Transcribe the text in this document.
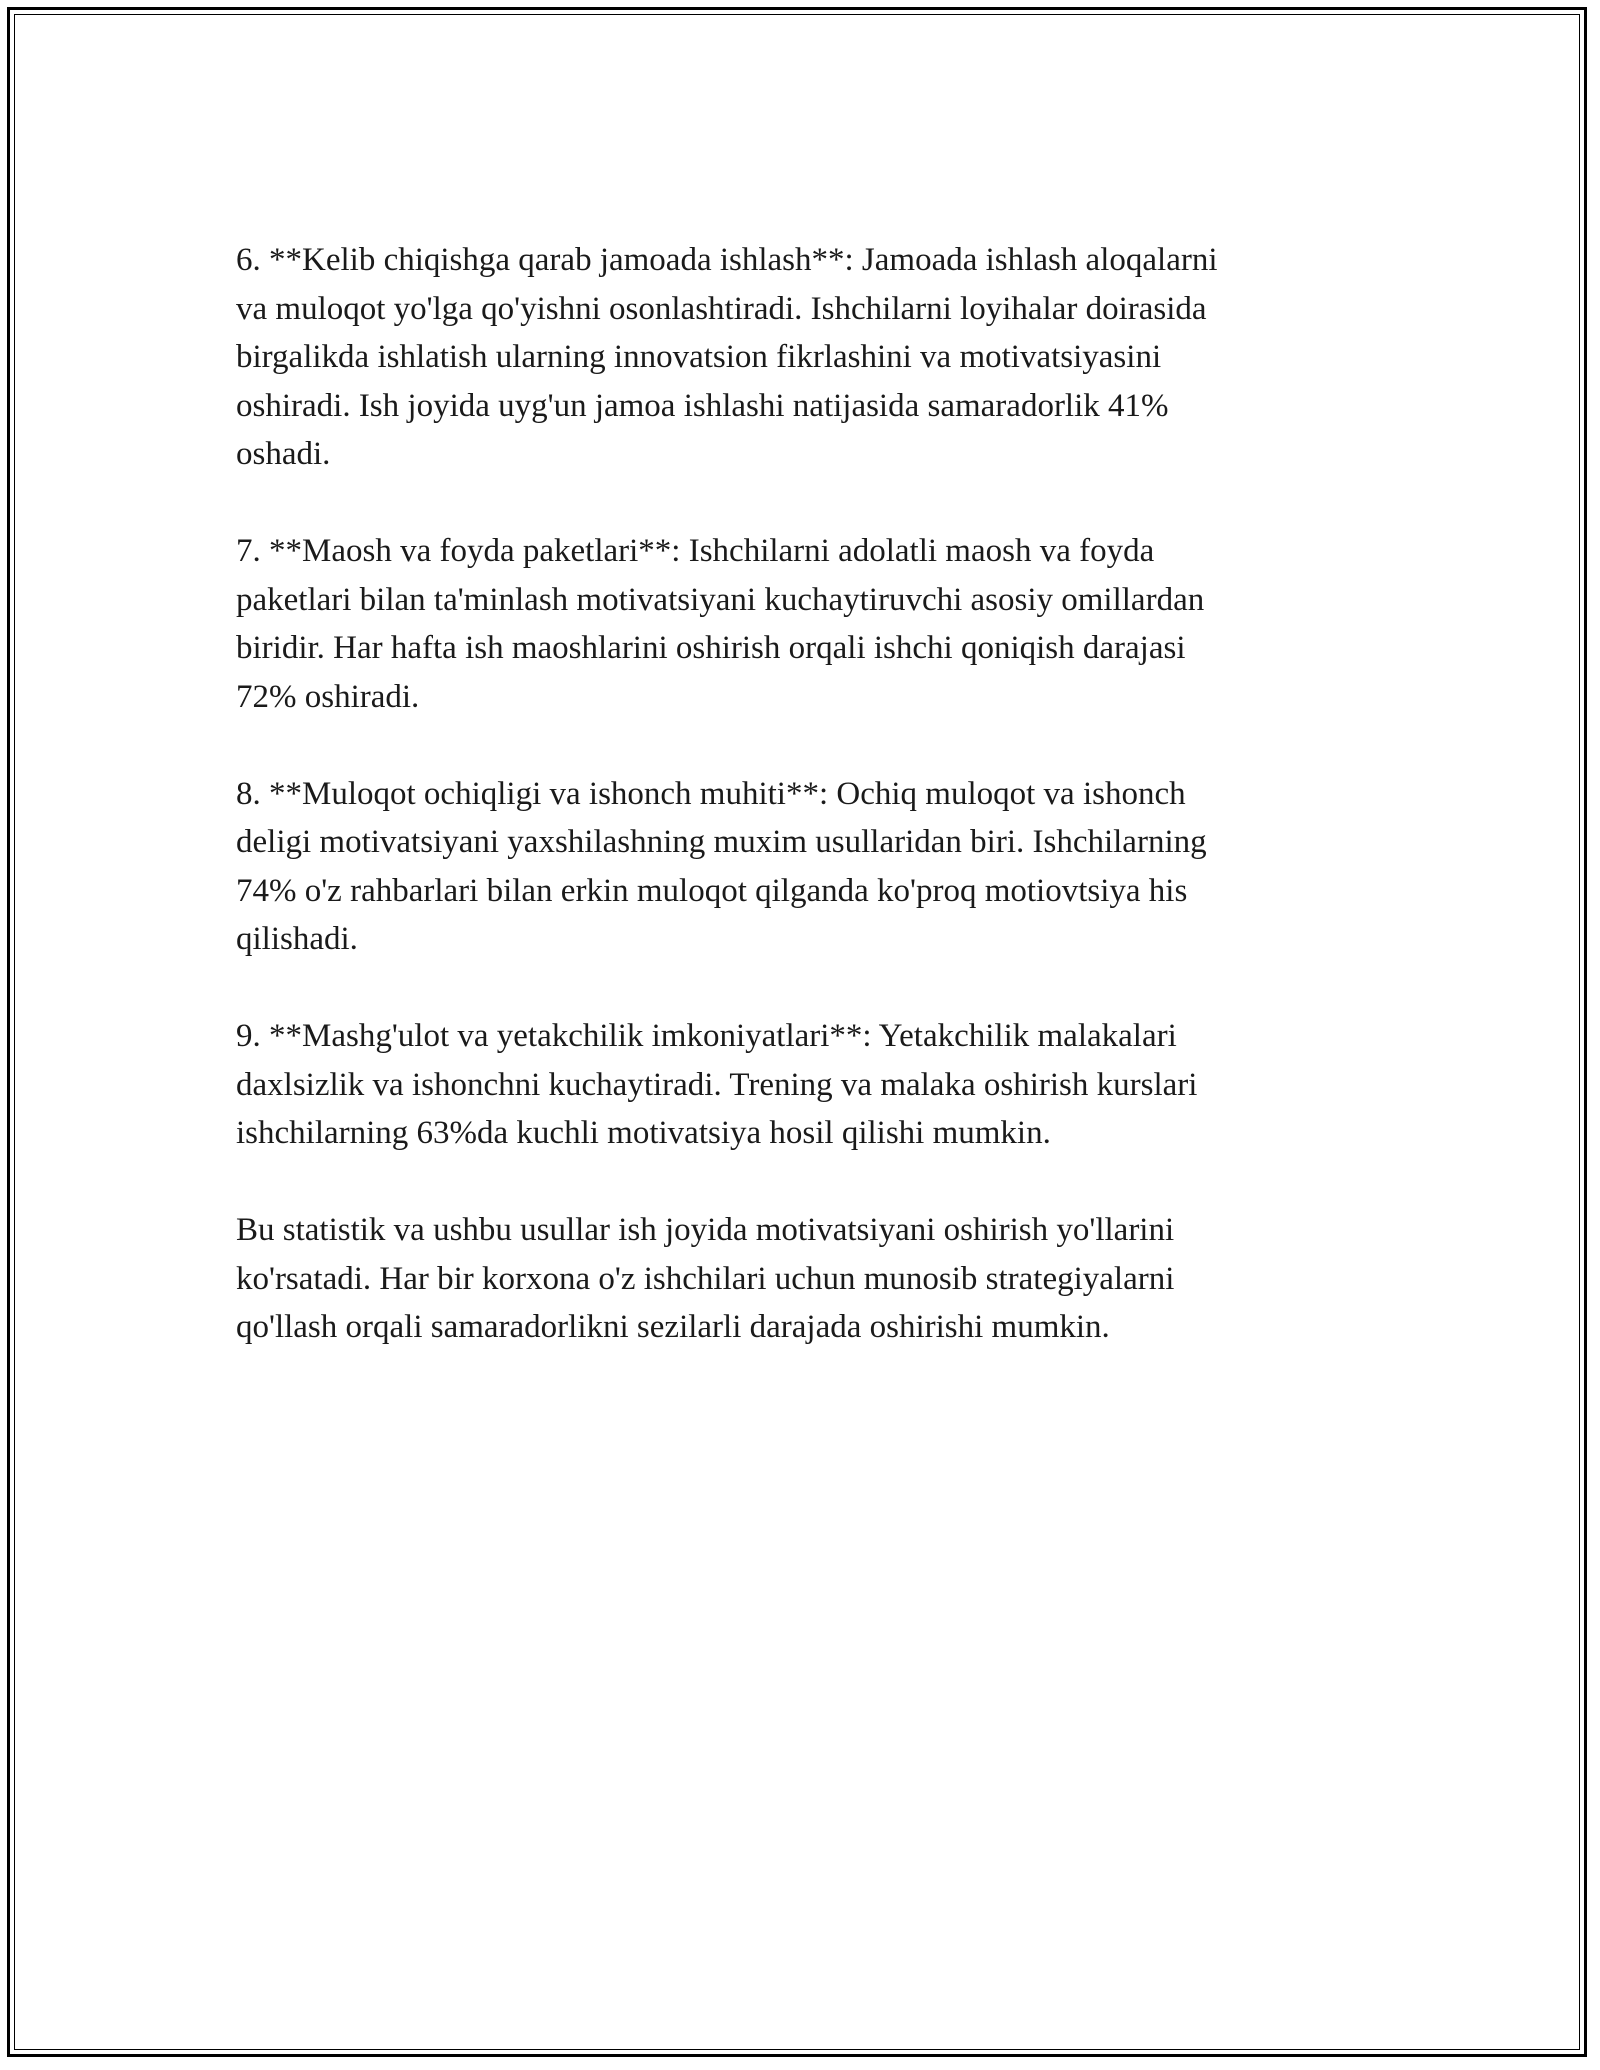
6. **Kelib chiqishga qarab jamoada ishlash**: Jamoada ishlash aloqalarni
va muloqot yo'lga qo'yishni osonlashtiradi. Ishchilarni loyihalar doirasida
birgalikda ishlatish ularning innovatsion fikrlashini va motivatsiyasini
oshiradi. Ish joyida uyg'un jamoa ishlashi natijasida samaradorlik 41%
oshadi.

7. **Maosh va foyda paketlari**: Ishchilarni adolatli maosh va foyda
paketlari bilan ta'minlash motivatsiyani kuchaytiruvchi asosiy omillardan
biridir. Har hafta ish maoshlarini oshirish orqali ishchi qoniqish darajasi
72% oshiradi.

8. **Muloqot ochiqligi va ishonch muhiti**: Ochiq muloqot va ishonch
deligi motivatsiyani yaxshilashning muxim usullaridan biri. Ishchilarning
74% o'z rahbarlari bilan erkin muloqot qilganda ko'proq motiovtsiya his
qilishadi.

9. **Mashg'ulot va yetakchilik imkoniyatlari**: Yetakchilik malakalari
daxlsizlik va ishonchni kuchaytiradi. Trening va malaka oshirish kurslari
ishchilarning 63%da kuchli motivatsiya hosil qilishi mumkin.

Bu statistik va ushbu usullar ish joyida motivatsiyani oshirish yo'llarini
ko'rsatadi. Har bir korxona o'z ishchilari uchun munosib strategiyalarni
qo'llash orqali samaradorlikni sezilarli darajada oshirishi mumkin.
